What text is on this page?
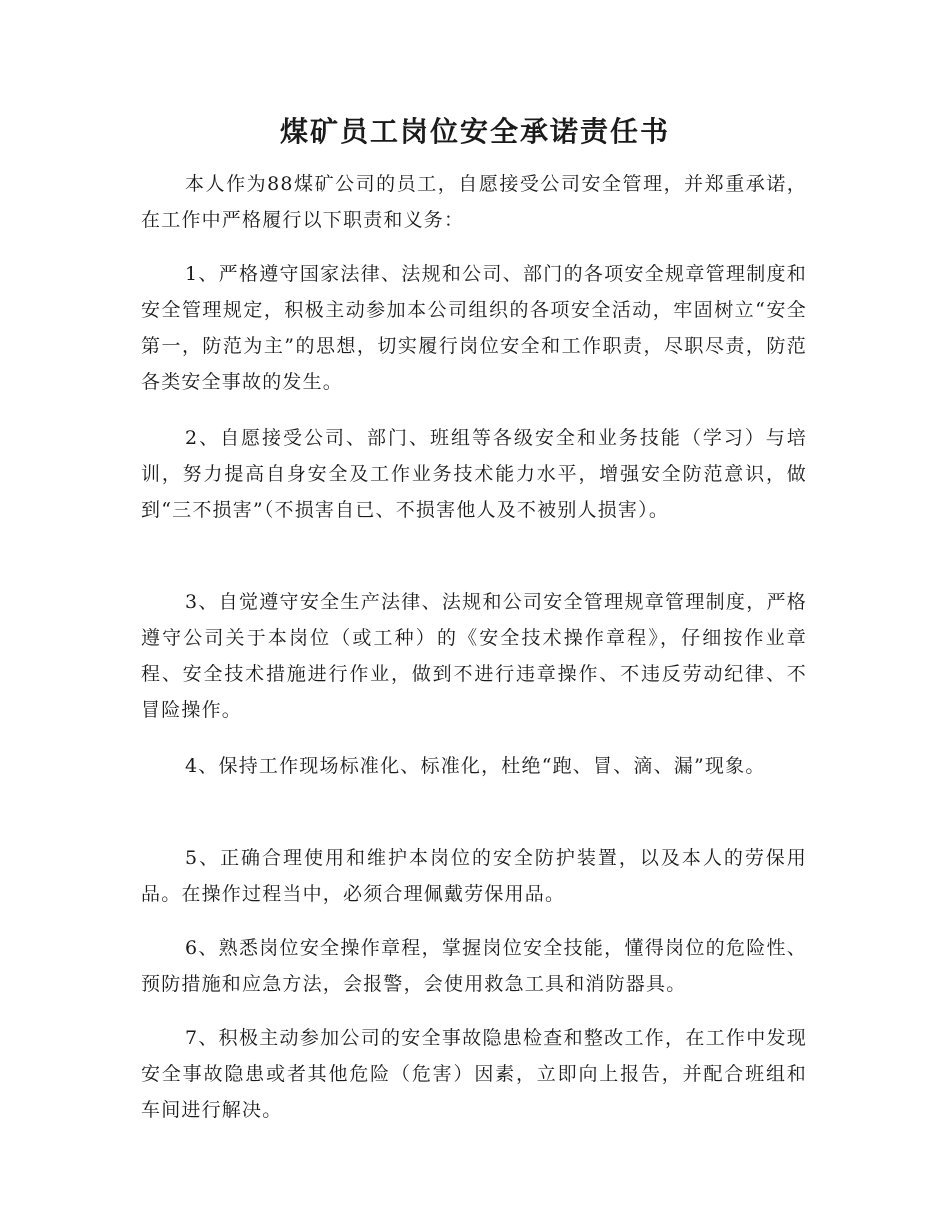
煤矿员工岗位安全承诺责任书

本人作为88煤矿公司的员工，自愿接受公司安全管理，并郑重承诺，在工作中严格履行以下职责和义务：

1、严格遵守国家法律、法规和公司、部门的各项安全规章管理制度和安全管理规定，积极主动参加本公司组织的各项安全活动，牢固树立“安全第一，防范为主”的思想，切实履行岗位安全和工作职责，尽职尽责，防范各类安全事故的发生。

2、自愿接受公司、部门、班组等各级安全和业务技能（学习）与培训，努力提高自身安全及工作业务技术能力水平，增强安全防范意识，做到“三不损害”（不损害自已、不损害他人及不被别人损害）。

3、自觉遵守安全生产法律、法规和公司安全管理规章管理制度，严格遵守公司关于本岗位（或工种）的《安全技术操作章程》，仔细按作业章程、安全技术措施进行作业，做到不进行违章操作、不违反劳动纪律、不冒险操作。

4、保持工作现场标准化、标准化，杜绝“跑、冒、滴、漏”现象。

5、正确合理使用和维护本岗位的安全防护装置，以及本人的劳保用品。在操作过程当中，必须合理佩戴劳保用品。

6、熟悉岗位安全操作章程，掌握岗位安全技能，懂得岗位的危险性、预防措施和应急方法，会报警，会使用救急工具和消防器具。

7、积极主动参加公司的安全事故隐患检查和整改工作，在工作中发现安全事故隐患或者其他危险（危害）因素，立即向上报告，并配合班组和车间进行解决。
